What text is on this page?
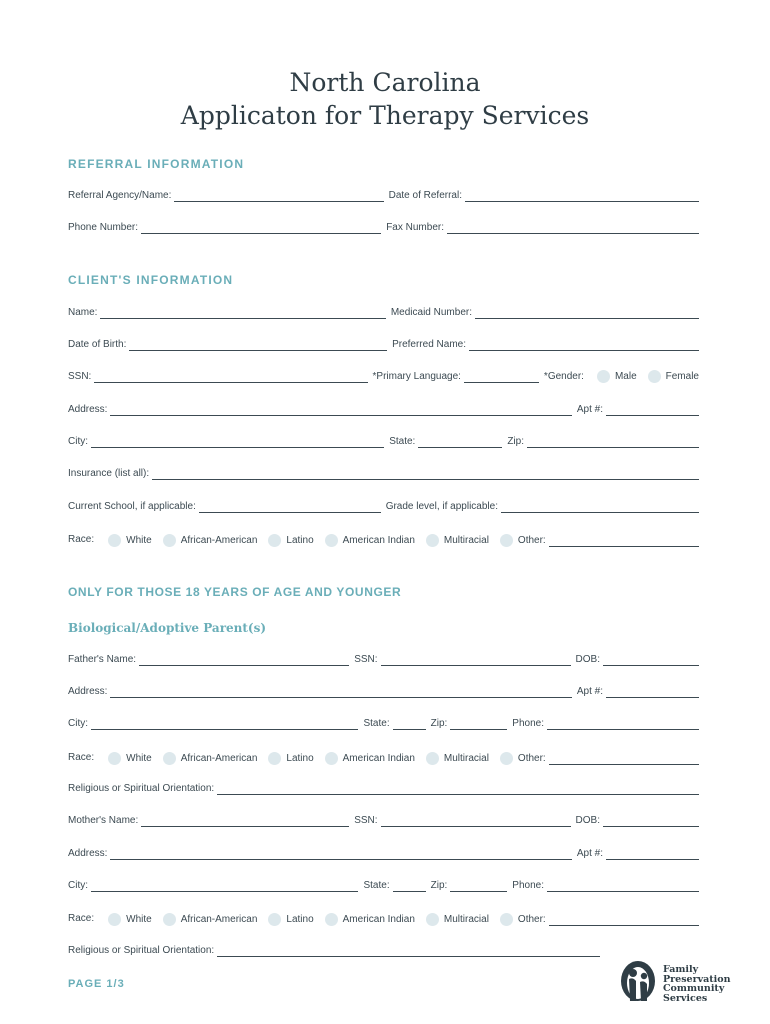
North Carolina
Applicaton for Therapy Services
REFERRAL INFORMATION
Referral Agency/Name:	Date of Referral:
Phone Number:	Fax Number:
CLIENT'S INFORMATION
Name:	Medicaid Number:
Date of Birth:	Preferred Name:
SSN:	*Primary Language:	*Gender:	Male	Female
Address:	Apt #:
City:	State:	Zip:
Insurance (list all):
Current School, if applicable:	Grade level, if applicable:
Race:	White	African-American	Latino	American Indian	Multiracial	Other:
ONLY FOR THOSE 18 YEARS OF AGE AND YOUNGER
Biological/Adoptive Parent(s)
Father's Name:	SSN:	DOB:
Address:	Apt #:
City:	State:	Zip:	Phone:
Race:	White	African-American	Latino	American Indian	Multiracial	Other:
Religious or Spiritual Orientation:
Mother's Name:	SSN:	DOB:
Address:	Apt #:
City:	State:	Zip:	Phone:
Race:	White	African-American	Latino	American Indian	Multiracial	Other:
Religious or Spiritual Orientation:
PAGE 1/3
Family
Preservation
Community
Services
